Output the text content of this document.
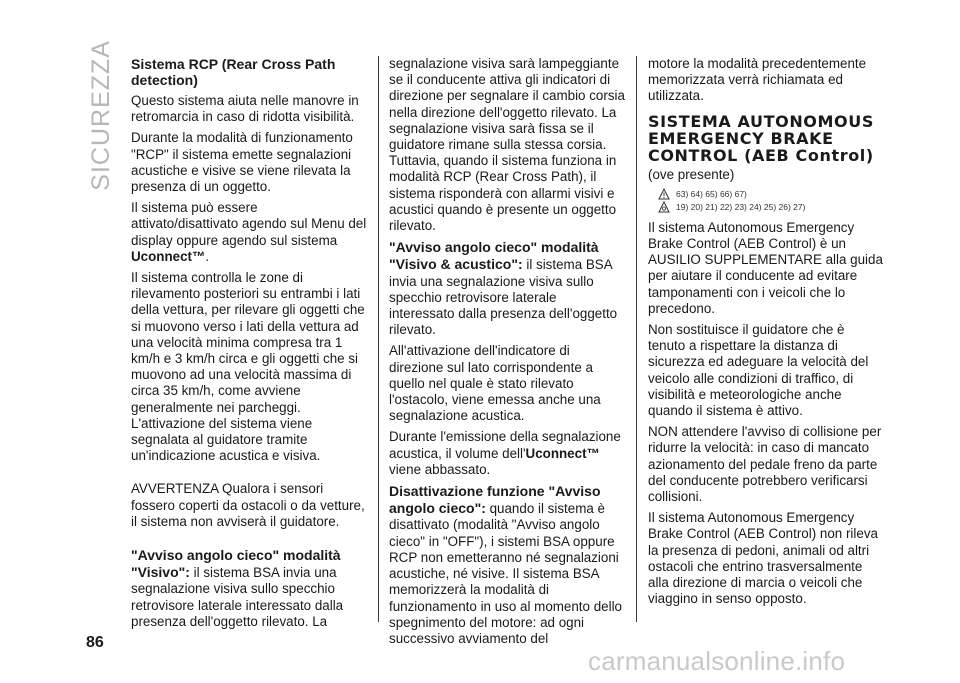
SICUREZZA Sistema RCP (Rear Cross Path detection)

Questo sistema aiuta nelle manovre in retromarcia in caso di ridotta visibilità.

Durante la modalità di funzionamento "RCP" il sistema emette segnalazioni acustiche e visive se viene rilevata la presenza di un oggetto.

Il sistema può essere attivato/disattivato agendo sul Menu del display oppure agendo sul sistema Uconnect™.

Il sistema controlla le zone di rilevamento posteriori su entrambi i lati della vettura, per rilevare gli oggetti che si muovono verso i lati della vettura ad una velocità minima compresa tra 1 km/h e 3 km/h circa e gli oggetti che si muovono ad una velocità massima di circa 35 km/h, come avviene generalmente nei parcheggi. L'attivazione del sistema viene segnalata al guidatore tramite un'indicazione acustica e visiva.

AVVERTENZA Qualora i sensori fossero coperti da ostacoli o da vetture, il sistema non avviserà il guidatore.

"Avviso angolo cieco" modalità "Visivo": il sistema BSA invia una segnalazione visiva sullo specchio retrovisore laterale interessato dalla presenza dell'oggetto rilevato. La

segnalazione visiva sarà lampeggiante se il conducente attiva gli indicatori di direzione per segnalare il cambio corsia nella direzione dell'oggetto rilevato. La segnalazione visiva sarà fissa se il guidatore rimane sulla stessa corsia. Tuttavia, quando il sistema funziona in modalità RCP (Rear Cross Path), il sistema risponderà con allarmi visivi e acustici quando è presente un oggetto rilevato.

"Avviso angolo cieco" modalità "Visivo & acustico": il sistema BSA invia una segnalazione visiva sullo specchio retrovisore laterale interessato dalla presenza dell'oggetto rilevato.

All'attivazione dell'indicatore di direzione sul lato corrispondente a quello nel quale è stato rilevato l'ostacolo, viene emessa anche una segnalazione acustica.

Durante l'emissione della segnalazione acustica, il volume dell'Uconnect™ viene abbassato.

Disattivazione funzione "Avviso angolo cieco": quando il sistema è disattivato (modalità "Avviso angolo cieco" in "OFF"), i sistemi BSA oppure RCP non emetteranno né segnalazioni acustiche, né visive. Il sistema BSA memorizzerà la modalità di funzionamento in uso al momento dello spegnimento del motore: ad ogni successivo avviamento del

motore la modalità precedentemente memorizzata verrà richiamata ed utilizzata.

SISTEMA AUTONOMOUS EMERGENCY BRAKE CONTROL (AEB Control)

(ove presente)

63) 64) 65) 66) 67)
19) 20) 21) 22) 23) 24) 25) 26) 27)

Il sistema Autonomous Emergency Brake Control (AEB Control) è un AUSILIO SUPPLEMENTARE alla guida per aiutare il conducente ad evitare tamponamenti con i veicoli che lo precedono.

Non sostituisce il guidatore che è tenuto a rispettare la distanza di sicurezza ed adeguare la velocità del veicolo alle condizioni di traffico, di visibilità e meteorologiche anche quando il sistema è attivo.

NON attendere l'avviso di collisione per ridurre la velocità: in caso di mancato azionamento del pedale freno da parte del conducente potrebbero verificarsi collisioni.

Il sistema Autonomous Emergency Brake Control (AEB Control) non rileva la presenza di pedoni, animali od altri ostacoli che entrino trasversalmente alla direzione di marcia o veicoli che viaggino in senso opposto.

86
carmanualsonline.info
